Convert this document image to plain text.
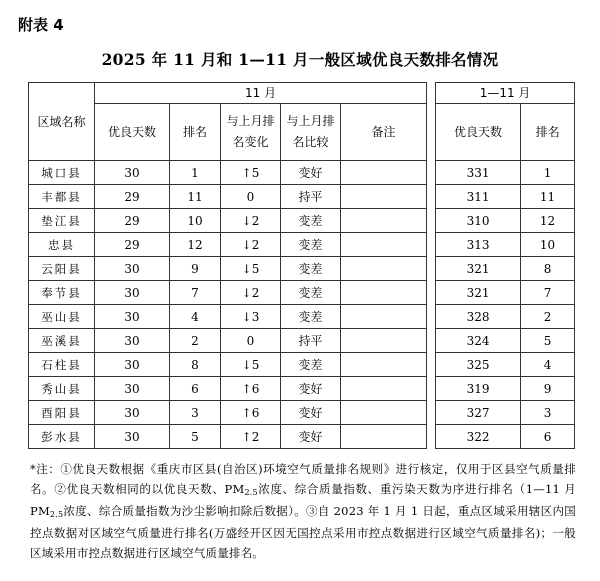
附表 4
2025 年 11 月和 1—11 月一般区域优良天数排名情况
区域名称	11 月						1—11 月	
	优良天数	排名	与上月排名变化	与上月排名比较	备注		优良天数	排名
城口县	30	1	↑5	变好			331	1
丰都县	29	11	0	持平			311	11
垫江县	29	10	↓2	变差			310	12
忠县	29	12	↓2	变差			313	10
云阳县	30	9	↓5	变差			321	8
奉节县	30	7	↓2	变差			321	7
巫山县	30	4	↓3	变差			328	2
巫溪县	30	2	0	持平			324	5
石柱县	30	8	↓5	变差			325	4
秀山县	30	6	↑6	变好			319	9
酉阳县	30	3	↑6	变好			327	3
彭水县	30	5	↑2	变好			322	6
*注：①优良天数根据《重庆市区县(自治区)环境空气质量排名规则》进行核定，仅用于区县空气质量排名。②优良天数相同的以优良天数、$PM_{2.5}$浓度、综合质量指数、重污染天数为序进行排名（1—11 月 $PM_{2.5}$浓度、综合质量指数为沙尘影响扣除后数据）。③自 2023 年 1 月 1 日起，重点区域采用辖区内国控点数据对区域空气质量进行排名(万盛经开区因无国控点采用市控点数据进行区域空气质量排名)；一般区域采用市控点数据进行区域空气质量排名。
